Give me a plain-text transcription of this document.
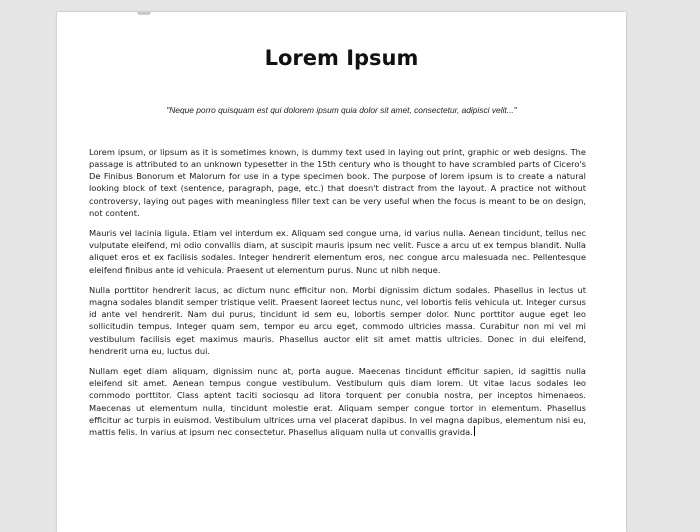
Lorem Ipsum
"Neque porro quisquam est qui dolorem ipsum quia dolor sit amet, consectetur, adipisci velit..."

Lorem ipsum, or lipsum as it is sometimes known, is dummy text used in laying out print, graphic or web designs. The passage is attributed to an unknown typesetter in the 15th century who is thought to have scrambled parts of Cicero's De Finibus Bonorum et Malorum for use in a type specimen book. The purpose of lorem ipsum is to create a natural looking block of text (sentence, paragraph, page, etc.) that doesn't distract from the layout. A practice not without controversy, laying out pages with meaningless filler text can be very useful when the focus is meant to be on design, not content.

Mauris vel lacinia ligula. Etiam vel interdum ex. Aliquam sed congue urna, id varius nulla. Aenean tincidunt, tellus nec vulputate eleifend, mi odio convallis diam, at suscipit mauris ipsum nec velit. Fusce a arcu ut ex tempus blandit. Nulla aliquet eros et ex facilisis sodales. Integer hendrerit elementum eros, nec congue arcu malesuada nec. Pellentesque eleifend finibus ante id vehicula. Praesent ut elementum purus. Nunc ut nibh neque.

Nulla porttitor hendrerit lacus, ac dictum nunc efficitur non. Morbi dignissim dictum sodales. Phasellus in lectus ut magna sodales blandit semper tristique velit. Praesent laoreet lectus nunc, vel lobortis felis vehicula ut. Integer cursus id ante vel hendrerit. Nam dui purus, tincidunt id sem eu, lobortis semper dolor. Nunc porttitor augue eget leo sollicitudin tempus. Integer quam sem, tempor eu arcu eget, commodo ultricies massa. Curabitur non mi vel mi vestibulum facilisis eget maximus mauris. Phasellus auctor elit sit amet mattis ultricies. Donec in dui eleifend, hendrerit urna eu, luctus dui.

Nullam eget diam aliquam, dignissim nunc at, porta augue. Maecenas tincidunt efficitur sapien, id sagittis nulla eleifend sit amet. Aenean tempus congue vestibulum. Vestibulum quis diam lorem. Ut vitae lacus sodales leo commodo porttitor. Class aptent taciti sociosqu ad litora torquent per conubia nostra, per inceptos himenaeos. Maecenas ut elementum nulla, tincidunt molestie erat. Aliquam semper congue tortor in elementum. Phasellus efficitur ac turpis in euismod. Vestibulum ultrices urna vel placerat dapibus. In vel magna dapibus, elementum nisi eu, mattis felis. In varius at ipsum nec consectetur. Phasellus aliquam nulla ut convallis gravida.
